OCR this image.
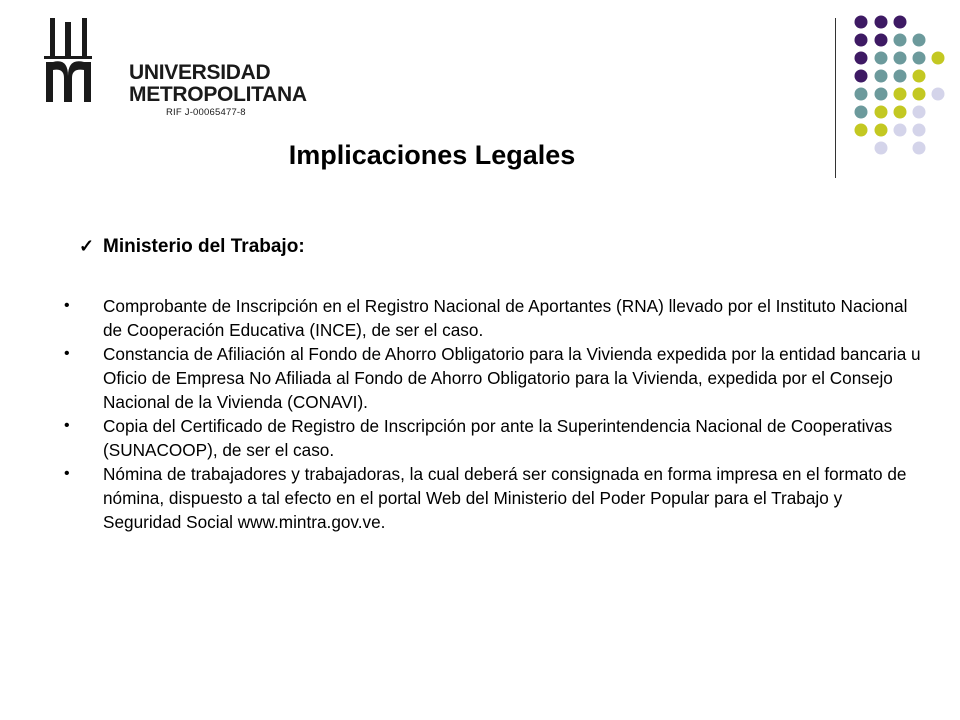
UNIVERSIDAD
METROPOLITANA
RIF J-00065477-8
Implicaciones Legales
✓ Ministerio del Trabajo:
• Comprobante de Inscripción en el Registro Nacional de Aportantes (RNA) llevado por el Instituto Nacional de Cooperación Educativa (INCE), de ser el caso.
• Constancia de Afiliación al Fondo de Ahorro Obligatorio para la Vivienda expedida por la entidad bancaria u Oficio de Empresa No Afiliada al Fondo de Ahorro Obligatorio para la Vivienda, expedida por el Consejo Nacional de la Vivienda (CONAVI).
• Copia del Certificado de Registro de Inscripción por ante la Superintendencia Nacional de Cooperativas (SUNACOOP), de ser el caso.
• Nómina de trabajadores y trabajadoras, la cual deberá ser consignada en forma impresa en el formato de nómina, dispuesto a tal efecto en el portal Web del Ministerio del Poder Popular para el Trabajo y Seguridad Social www.mintra.gov.ve.
